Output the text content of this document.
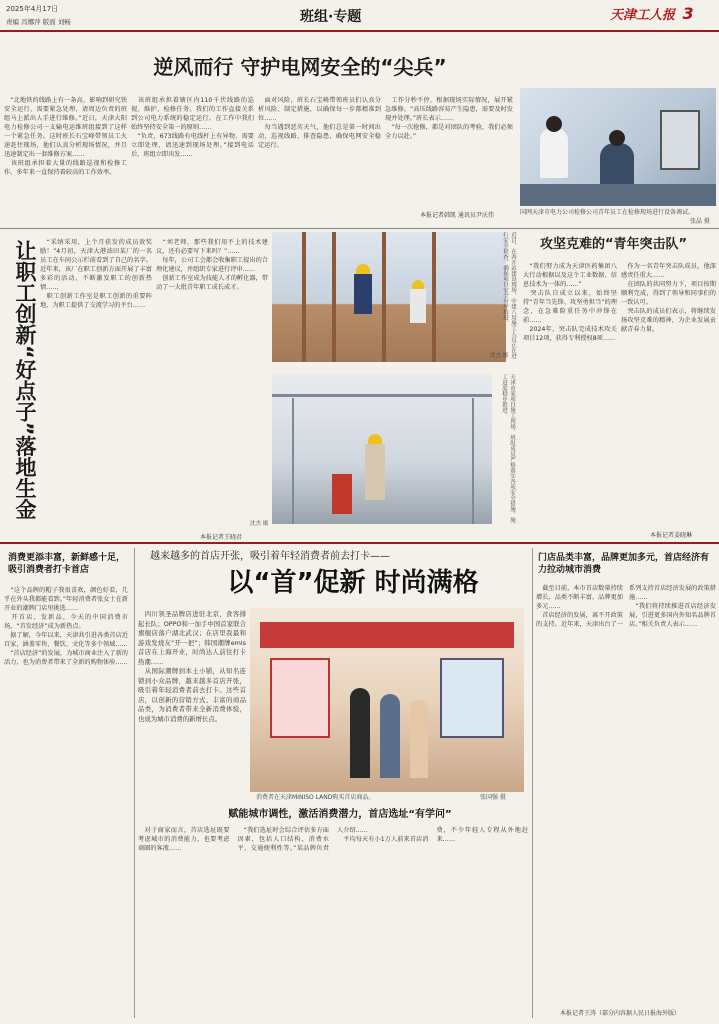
2025年4月17日
责编 冯娜萍 版面 刘畅	班组·专题	天津工人报 3
逆风而行 守护电网安全的“尖兵”
　“北地铁的线路上有一条高，影响到研究铁安全运行，需要紧急处理，请周边负责的班组马上派出人手进行维修。”近日，天津大阳电力检修公司一支输电运维班组接到了这样一个紧急任务。这时班长石宝峰带领员工火速赶往现场，他们认真分析现场情况，并且迅速制定出一套维修方案……
　该班组承担着大量的线路巡视和检修工作，多年来一直保持着较高的工作效率。
　该班组承担着辖区内110千伏线路的巡视、维护、检修任务。我们的工作直接关系到公司电力系统的稳定运行。在工作中我们始终坚持安全第一的原则……
　“负责，673线路有电线杆上有异物，需要立即处理，请迅速到现场处理。”接到电话后，班组立即出发……
　面对风险，班长石宝峰带领班员们认真分析风险、制定措施，以确保每一步都精准到位……
　每当遇到恶劣天气，他们总是第一时间出动，巡视线路、排查隐患，确保电网安全稳定运行。
　工作分秒不停，根据现场实际情况，展开紧急维修。“高压线路容易产生隐患，需要及时发现并处理。”班长表示……
　“每一次抢修，都是对团队的考验，我们必须全力以赴。”
本报记者韩凯 通讯员尹庆伟	国网天津市电力公司检修公司青年员工在检修现场进行设备调试。
张晶 摄
让职工创新“好点子”落地生金	　“采纳采用，上个月获发的成员效奖励！”4月初，天津大港油田某厂的一名员工在车间公示栏前看到了自己的名字。近年来，该厂在职工创新方面开展了丰富多彩的活动，不断激发职工的创新热情……
　职工创新工作室是职工创新的重要阵地，为职工提供了交流学习的平台……
　“刘老师，那些我们用不上的技术建议，还有必要写下来吗？”……
　每年，公司工会都会收集职工提出的合理化建议，并组织专家进行评审……
　创新工作室成为技能人才的孵化器，带动了一大批青年职工成长成才。
本报记者王晓君
近日，在西开站建设现场，中建八局施工人员正在进行安全检查，确保项目安全有序推进。
沈杰 摄
天津市某项目施工现场，班组成员严格落实各项安全措施，施工进度稳步推进。
沈杰 摄
攻坚克难的“青年突击队”
　“我们努力成为天津医药集团八大行动根据以及这个工业数据、信息技术为一体的……”
　突击队自成立以来，始终坚持“青年当先锋、攻坚勇担当”的理念，在急难险重任务中冲锋在前……
　2024年，突击队完成技术攻关项目12项，获得专利授权8项……
　作为一名青年突击队成员，他深感责任重大……
　在团队的共同努力下，项目按期顺利完成，得到了领导和同事们的一致认可。
　突击队的成员们表示，将继续发扬攻坚克难的精神，为企业发展贡献青春力量。
本报记者姜晓琳
消费更添丰富，新鲜感十足，吸引消费者打卡首店
　“这个品牌的帽子我很喜欢，颜色好看，几乎在外头我都能看到。”年轻消费者张女士在新开业的潮牌门店里挑选……
　开首店、发新品，今天的中国消费市场，“首发经济”成为新热点。
　据了解，今年以来，天津共引进各类首店近百家，涵盖零售、餐饮、文化等多个领域……
　“首店经济”的发展，为城市商业注入了新的活力，也为消费者带来了全新的购物体验……
越来越多的首店开张，吸引着年轻消费者前去打卡——
以“首”促新 时尚满格
　四川领圣品牌店进驻北京，食客排起长队；OPPO和一加手中国首家联合旗舰店落户湖北武汉；在店里我最和游戏发烧友“开一把”；韩国潮牌emis首店在上海开业，时尚达人前往打卡热潮……
　从国际潮牌到本土小铺，从知名连锁到小众品牌，越来越多首店开张，吸引着年轻消费者前去打卡。这些首店，以创新的营销方式、丰富的商品品类，为消费者带来全新消费体验，也成为城市消费的新增长点。
消费者在天津MINISO LAND购买首店商品。	张国强 摄
赋能城市调性，激活消费潜力，首店选址“有学问”
　对于商家而言，首店选址既要考虑城市的消费能力，也要考虑商圈的客流……
　“我们选址时会综合评估多方面因素，包括人口结构、消费水平、交通便利性等。”某品牌负责人介绍……
　平均每天有小1万人前来首店消费，不少年轻人专程从外地赶来……
门店品类丰富，品牌更加多元，首店经济有力拉动城市消费
　截至目前，本市首店数量持续增长，品类不断丰富，品牌更加多元……
　首店经济的发展，离不开政策的支持。近年来，天津出台了一系列支持首店经济发展的政策措施……
　“我们将持续推进首店经济发展，引进更多国内外知名品牌首店。”相关负责人表示……
本报记者王涛（部分内容据人民日报海外版）
